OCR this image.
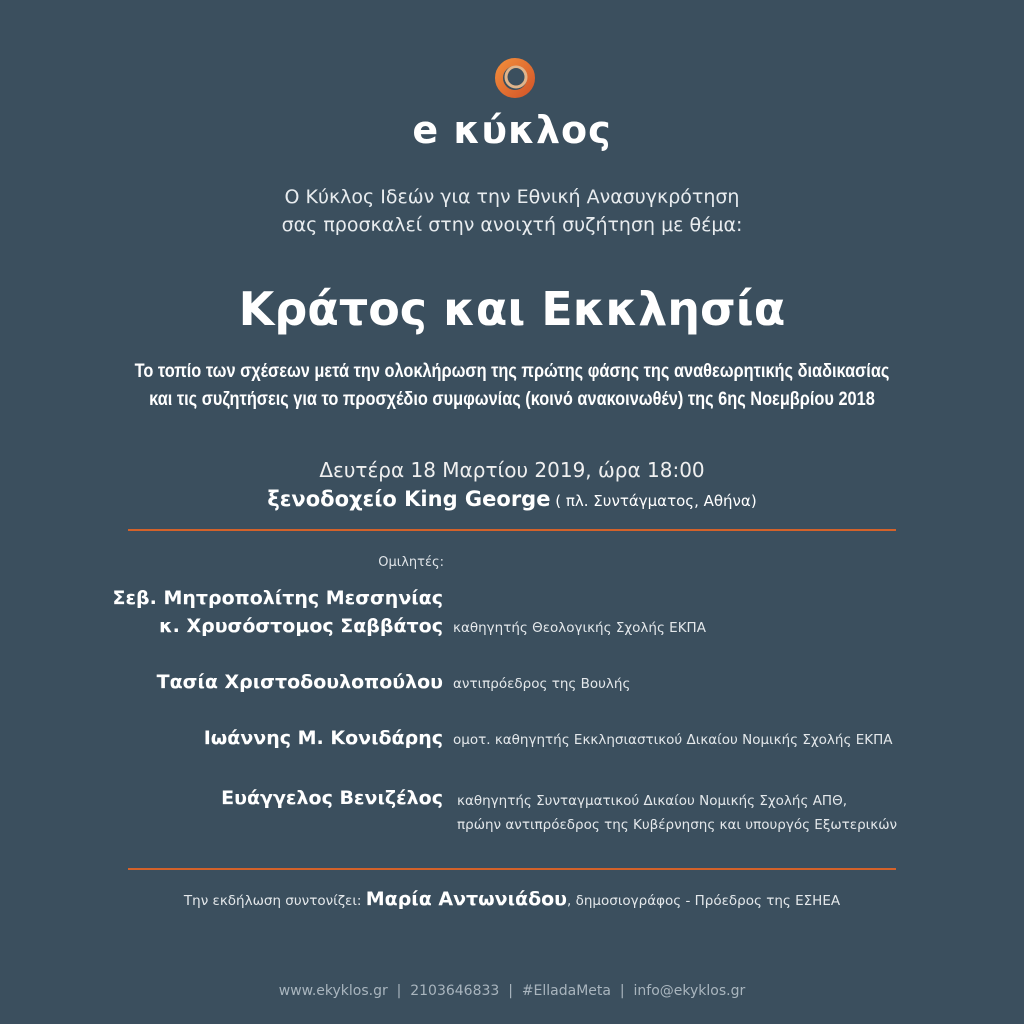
e κύκλος
Ο Κύκλος Ιδεών για την Εθνική Ανασυγκρότηση
σας προσκαλεί στην ανοιχτή συζήτηση με θέμα:
Κράτος και Εκκλησία
Το τοπίο των σχέσεων μετά την ολοκλήρωση της πρώτης φάσης της αναθεωρητικής διαδικασίας
και τις συζητήσεις για το προσχέδιο συμφωνίας (κοινό ανακοινωθέν) της 6ης Νοεμβρίου 2018
Δευτέρα 18 Μαρτίου 2019, ώρα 18:00
ξενοδοχείο King George ( πλ. Συντάγματος, Αθήνα)
Ομιλητές:
Σεβ. Μητροπολίτης Μεσσηνίας
κ. Χρυσόστομος Σαββάτος καθηγητής Θεολογικής Σχολής ΕΚΠΑ
Τασία Χριστοδουλοπούλου αντιπρόεδρος της Βουλής
Ιωάννης Μ. Κονιδάρης ομοτ. καθηγητής Εκκλησιαστικού Δικαίου Νομικής Σχολής ΕΚΠΑ
Ευάγγελος Βενιζέλος καθηγητής Συνταγματικού Δικαίου Νομικής Σχολής ΑΠΘ,
πρώην αντιπρόεδρος της Κυβέρνησης και υπουργός Εξωτερικών
Την εκδήλωση συντονίζει: Μαρία Αντωνιάδου, δημοσιογράφος - Πρόεδρος της ΕΣΗΕΑ
www.ekyklos.gr  |  2103646833  |  #ElladaMeta  |  info@ekyklos.gr
